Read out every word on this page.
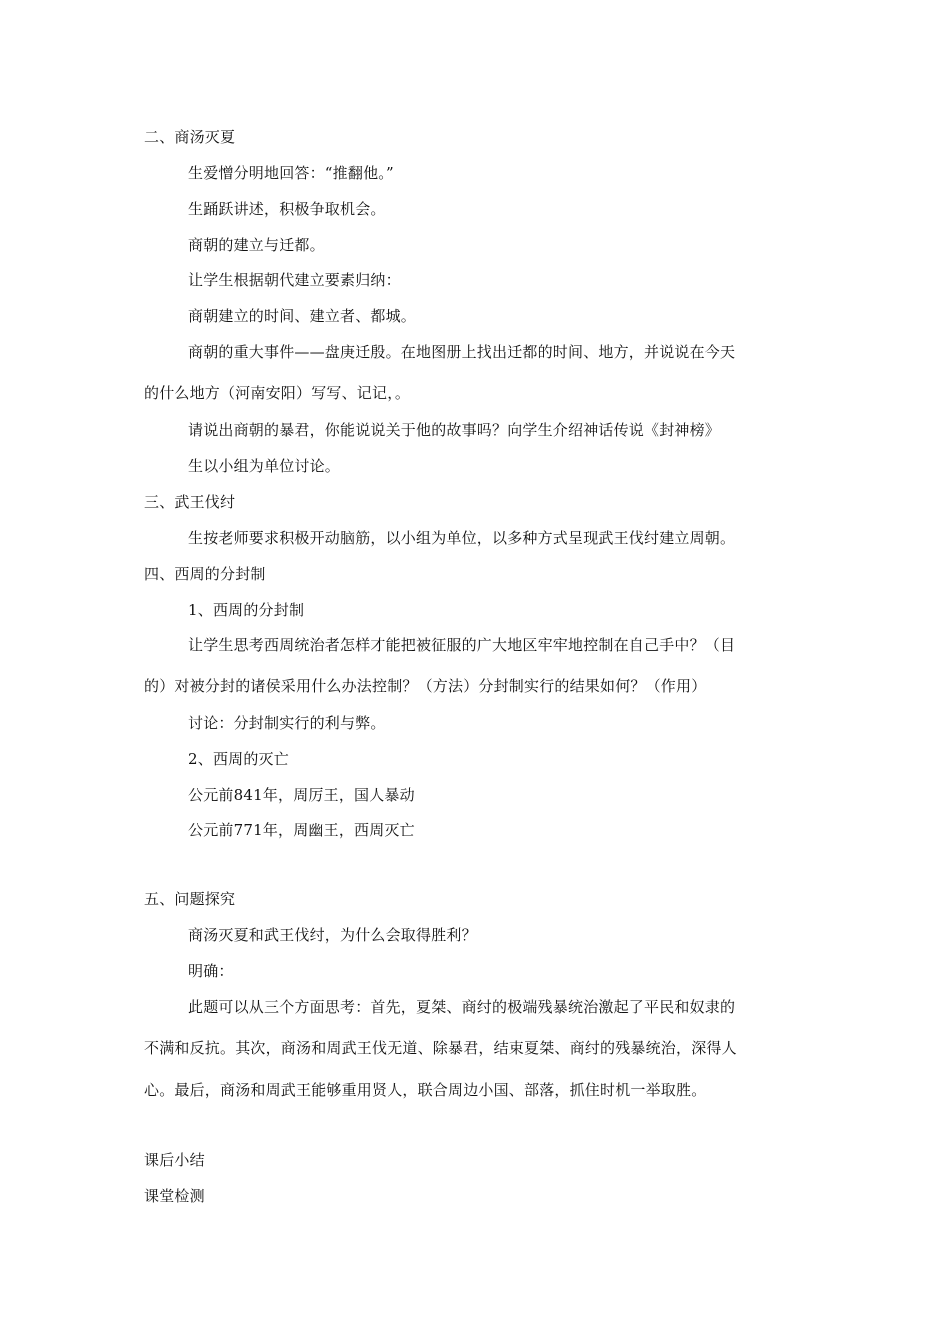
二、商汤灭夏
生爱憎分明地回答：“推翻他。”
生踊跃讲述，积极争取机会。
商朝的建立与迁都。
让学生根据朝代建立要素归纳：
商朝建立的时间、建立者、都城。
商朝的重大事件——盘庚迁殷。在地图册上找出迁都的时间、地方，并说说在今天
的什么地方（河南安阳）写写、记记，。
请说出商朝的暴君，你能说说关于他的故事吗？向学生介绍神话传说《封神榜》
生以小组为单位讨论。
三、武王伐纣
生按老师要求积极开动脑筋，以小组为单位，以多种方式呈现武王伐纣建立周朝。
四、西周的分封制
1、西周的分封制
让学生思考西周统治者怎样才能把被征服的广大地区牢牢地控制在自己手中？（目
的）对被分封的诸侯采用什么办法控制？（方法）分封制实行的结果如何？（作用）
讨论：分封制实行的利与弊。
2、西周的灭亡
公元前841年，周厉王，国人暴动
公元前771年，周幽王，西周灭亡
五、问题探究
商汤灭夏和武王伐纣，为什么会取得胜利？
明确：
此题可以从三个方面思考：首先，夏桀、商纣的极端残暴统治激起了平民和奴隶的
不满和反抗。其次，商汤和周武王伐无道、除暴君，结束夏桀、商纣的残暴统治，深得人
心。最后，商汤和周武王能够重用贤人，联合周边小国、部落，抓住时机一举取胜。
课后小结
课堂检测
